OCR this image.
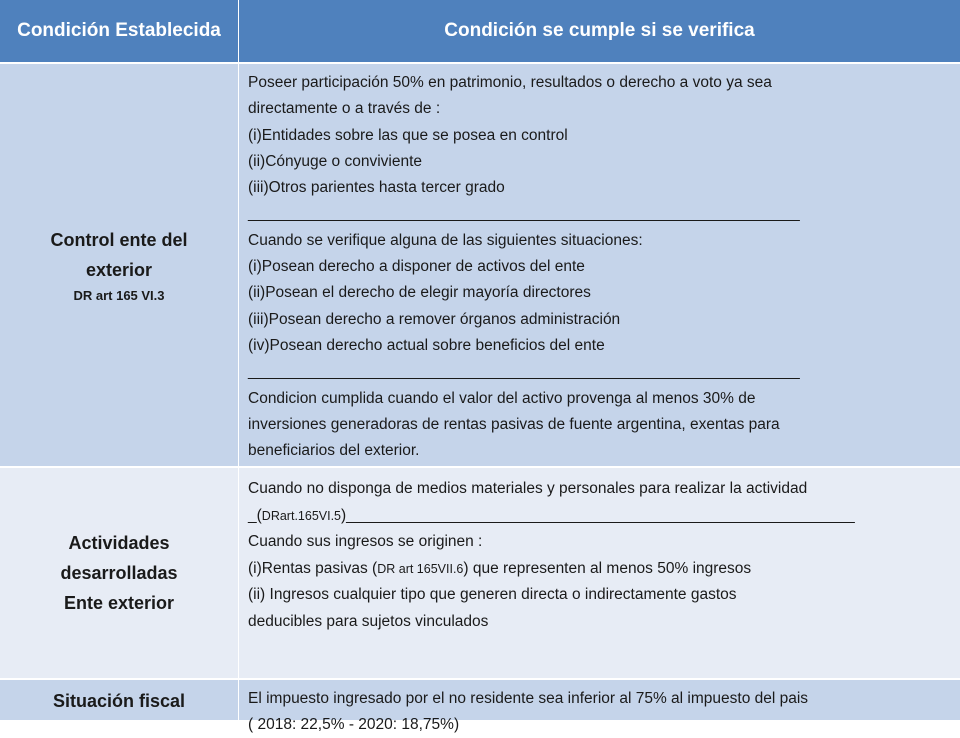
Condición Establecida	Condición se cumple si se verifica
Control ente del
exterior
DR art 165 VI.3
Poseer participación 50% en patrimonio, resultados o derecho a voto ya sea
directamente o a través de :
(i)Entidades sobre las que se posea en control
(ii)Cónyuge o conviviente
(iii)Otros parientes hasta tercer grado
________________________________________________________________
Cuando se verifique alguna de las siguientes situaciones:
(i)Posean derecho a disponer de activos del ente
(ii)Posean el derecho de elegir mayoría directores
(iii)Posean derecho a remover órganos administración
(iv)Posean derecho actual sobre beneficios del ente
________________________________________________________________
Condicion cumplida cuando el valor del activo provenga al menos 30% de
inversiones generadoras de rentas pasivas de fuente argentina, exentas para
beneficiarios del exterior.
Actividades
desarrolladas
Ente exterior
Cuando no disponga de medios materiales y personales para realizar la actividad
_(DRart.165VI.5)___________________________________________________________
Cuando sus ingresos se originen :
(i)Rentas pasivas (DR art 165VII.6) que representen al menos 50% ingresos
(ii) Ingresos cualquier tipo que generen directa o indirectamente gastos
deducibles para sujetos vinculados
Situación fiscal	El impuesto ingresado por el no residente sea inferior al 75% al impuesto del pais
( 2018: 22,5% - 2020: 18,75%)
